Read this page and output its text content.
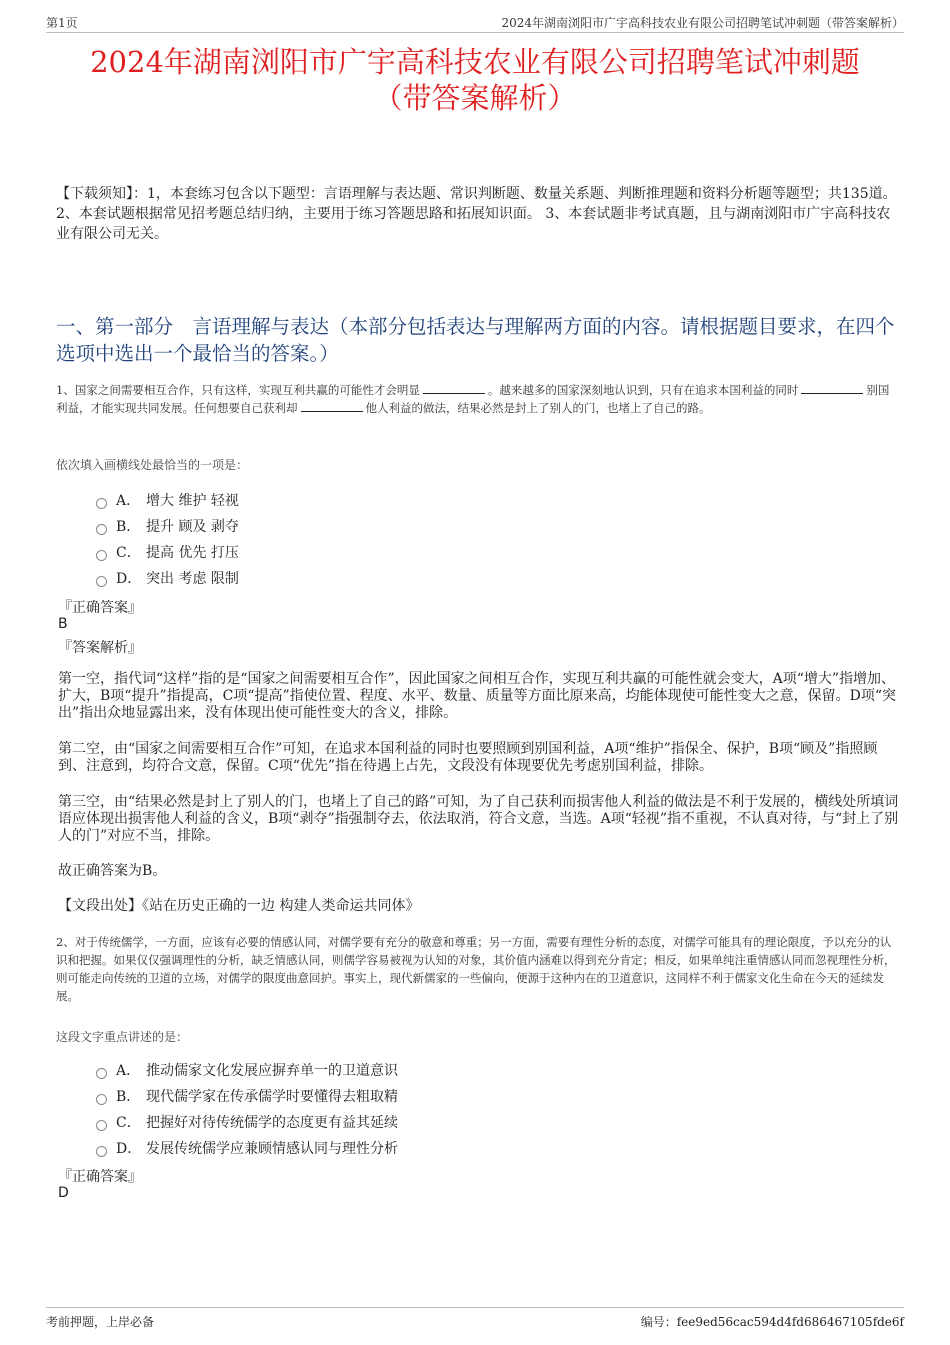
第1页	2024年湖南浏阳市广宇高科技农业有限公司招聘笔试冲刺题（带答案解析）
2024年湖南浏阳市广宇高科技农业有限公司招聘笔试冲刺题
（带答案解析）
【下载须知】：1，本套练习包含以下题型：言语理解与表达题、常识判断题、数量关系题、判断推理题和资料分析题等题型；共135道。 2、本套试题根据常见招考题总结归纳，主要用于练习答题思路和拓展知识面。 3、本套试题非考试真题，且与湖南浏阳市广宇高科技农业有限公司无关。
一、第一部分　言语理解与表达（本部分包括表达与理解两方面的内容。请根据题目要求，在四个选项中选出一个最恰当的答案。）
1、国家之间需要相互合作，只有这样，实现互利共赢的可能性才会明显	。越来越多的国家深刻地认识到，只有在追求本国利益的同时	别国利益，才能实现共同发展。任何想要自己获利却	他人利益的做法，结果必然是封上了别人的门，也堵上了自己的路。
依次填入画横线处最恰当的一项是：
A． 增大 维护 轻视
B． 提升 顾及 剥夺
C． 提高 优先 打压
D． 突出 考虑 限制
『正确答案』
B
『答案解析』
第一空，指代词“这样”指的是“国家之间需要相互合作”，因此国家之间相互合作，实现互利共赢的可能性就会变大，A项“增大”指增加、扩大，B项“提升”指提高，C项“提高”指使位置、程度、水平、数量、质量等方面比原来高，均能体现使可能性变大之意，保留。D项“突出”指出众地显露出来，没有体现出使可能性变大的含义，排除。
第二空，由“国家之间需要相互合作”可知，在追求本国利益的同时也要照顾到别国利益，A项“维护”指保全、保护，B项“顾及”指照顾到、注意到，均符合文意，保留。C项“优先”指在待遇上占先，文段没有体现要优先考虑别国利益，排除。
第三空，由“结果必然是封上了别人的门，也堵上了自己的路”可知，为了自己获利而损害他人利益的做法是不利于发展的，横线处所填词语应体现出损害他人利益的含义，B项“剥夺”指强制夺去，依法取消，符合文意，当选。A项“轻视”指不重视，不认真对待，与“封上了别人的门”对应不当，排除。
故正确答案为B。
【文段出处】《站在历史正确的一边 构建人类命运共同体》
2、对于传统儒学，一方面，应该有必要的情感认同，对儒学要有充分的敬意和尊重；另一方面，需要有理性分析的态度，对儒学可能具有的理论限度，予以充分的认识和把握。如果仅仅强调理性的分析，缺乏情感认同，则儒学容易被视为认知的对象，其价值内涵难以得到充分肯定；相反，如果单纯注重情感认同而忽视理性分析，则可能走向传统的卫道的立场，对儒学的限度曲意回护。事实上，现代新儒家的一些偏向，便源于这种内在的卫道意识，这同样不利于儒家文化生命在今天的延续发展。
这段文字重点讲述的是：
A． 推动儒家文化发展应摒弃单一的卫道意识
B． 现代儒学家在传承儒学时要懂得去粗取精
C． 把握好对待传统儒学的态度更有益其延续
D． 发展传统儒学应兼顾情感认同与理性分析
『正确答案』
D
考前押题，上岸必备	编号：fee9ed56cac594d4fd686467105fde6f
